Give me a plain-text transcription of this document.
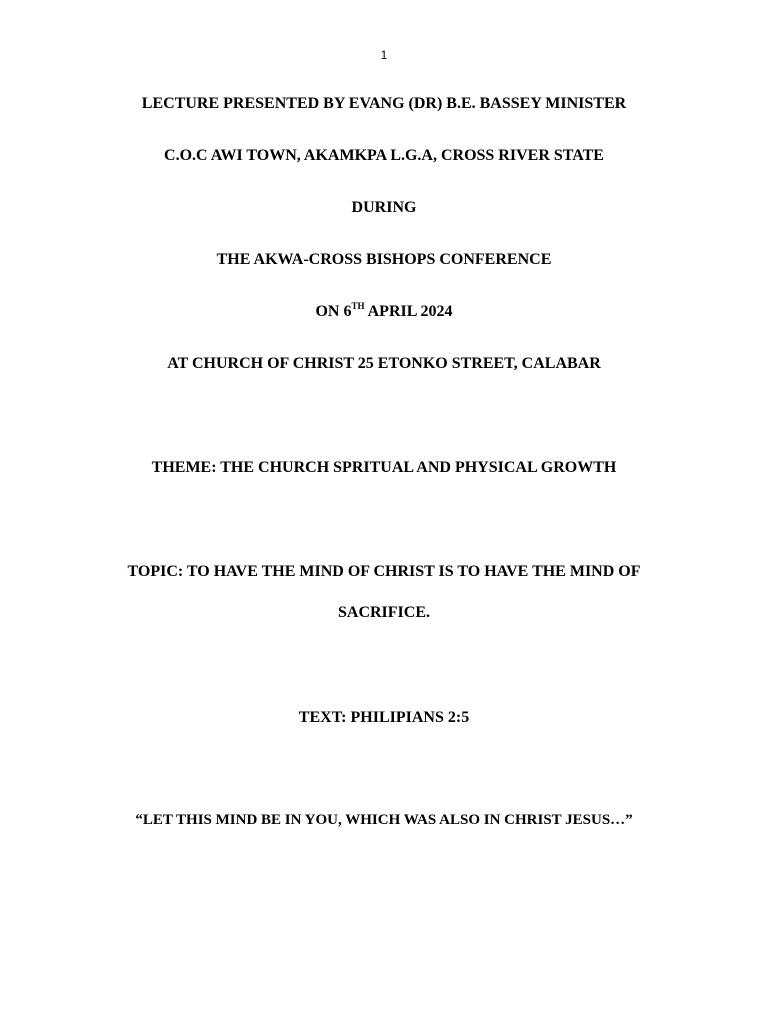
1
LECTURE PRESENTED BY EVANG (DR) B.E. BASSEY MINISTER
C.O.C AWI TOWN, AKAMKPA L.G.A, CROSS RIVER STATE
DURING
THE AKWA-CROSS BISHOPS CONFERENCE
ON 6TH APRIL 2024
AT CHURCH OF CHRIST 25 ETONKO STREET, CALABAR
THEME: THE CHURCH SPRITUAL AND PHYSICAL GROWTH
TOPIC: TO HAVE THE MIND OF CHRIST IS TO HAVE THE MIND OF
SACRIFICE.
TEXT: PHILIPIANS 2:5
“LET THIS MIND BE IN YOU, WHICH WAS ALSO IN CHRIST JESUS…”
